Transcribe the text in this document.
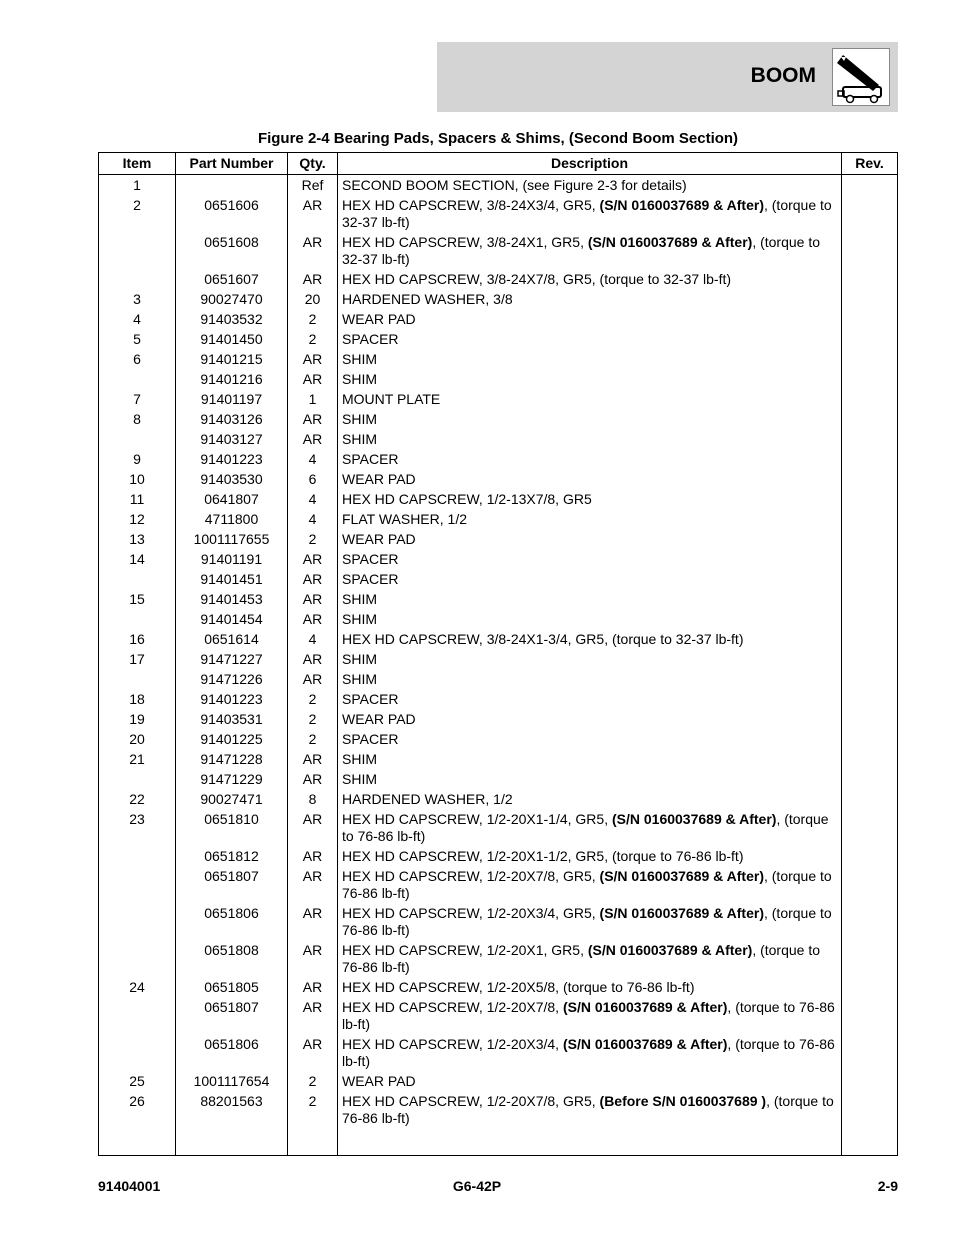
BOOM
Figure 2-4 Bearing Pads, Spacers & Shims, (Second Boom Section)
Item	Part Number	Qty.	Description	Rev.
1		Ref	SECOND BOOM SECTION, (see Figure 2-3 for details)	
2	0651606	AR	HEX HD CAPSCREW, 3/8-24X3/4, GR5, (S/N 0160037689 & After), (torque to 32-37 lb-ft)	
	0651608	AR	HEX HD CAPSCREW, 3/8-24X1, GR5, (S/N 0160037689 & After), (torque to 32-37 lb-ft)	
	0651607	AR	HEX HD CAPSCREW, 3/8-24X7/8, GR5, (torque to 32-37 lb-ft)	
3	90027470	20	HARDENED WASHER, 3/8	
4	91403532	2	WEAR PAD	
5	91401450	2	SPACER	
6	91401215	AR	SHIM	
	91401216	AR	SHIM	
7	91401197	1	MOUNT PLATE	
8	91403126	AR	SHIM	
	91403127	AR	SHIM	
9	91401223	4	SPACER	
10	91403530	6	WEAR PAD	
11	0641807	4	HEX HD CAPSCREW, 1/2-13X7/8, GR5	
12	4711800	4	FLAT WASHER, 1/2	
13	1001117655	2	WEAR PAD	
14	91401191	AR	SPACER	
	91401451	AR	SPACER	
15	91401453	AR	SHIM	
	91401454	AR	SHIM	
16	0651614	4	HEX HD CAPSCREW, 3/8-24X1-3/4, GR5, (torque to 32-37 lb-ft)	
17	91471227	AR	SHIM	
	91471226	AR	SHIM	
18	91401223	2	SPACER	
19	91403531	2	WEAR PAD	
20	91401225	2	SPACER	
21	91471228	AR	SHIM	
	91471229	AR	SHIM	
22	90027471	8	HARDENED WASHER, 1/2	
23	0651810	AR	HEX HD CAPSCREW, 1/2-20X1-1/4, GR5, (S/N 0160037689 & After), (torque to 76-86 lb-ft)	
	0651812	AR	HEX HD CAPSCREW, 1/2-20X1-1/2, GR5, (torque to 76-86 lb-ft)	
	0651807	AR	HEX HD CAPSCREW, 1/2-20X7/8, GR5, (S/N 0160037689 & After), (torque to 76-86 lb-ft)	
	0651806	AR	HEX HD CAPSCREW, 1/2-20X3/4, GR5, (S/N 0160037689 & After), (torque to 76-86 lb-ft)	
	0651808	AR	HEX HD CAPSCREW, 1/2-20X1, GR5, (S/N 0160037689 & After), (torque to 76-86 lb-ft)	
24	0651805	AR	HEX HD CAPSCREW, 1/2-20X5/8, (torque to 76-86 lb-ft)	
	0651807	AR	HEX HD CAPSCREW, 1/2-20X7/8, (S/N 0160037689 & After), (torque to 76-86 lb-ft)	
	0651806	AR	HEX HD CAPSCREW, 1/2-20X3/4, (S/N 0160037689 & After), (torque to 76-86 lb-ft)	
25	1001117654	2	WEAR PAD	
26	88201563	2	HEX HD CAPSCREW, 1/2-20X7/8, GR5, (Before S/N 0160037689 ), (torque to 76-86 lb-ft)	

91404001	G6-42P	2-9
